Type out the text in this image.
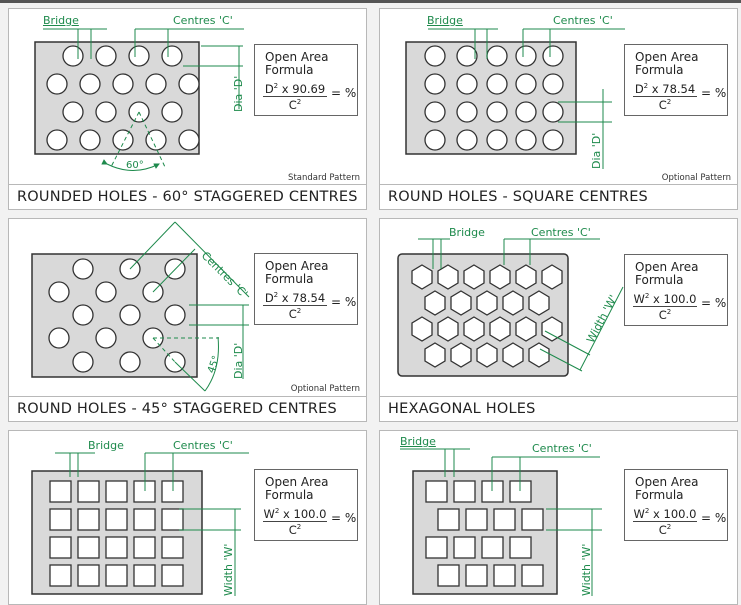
Bridge	Centres 'C'
Dia 'D'
60°
Open Area
Formula
$D^2$ x 90.69
$C^2$
= %
Standard Pattern
ROUNDED HOLES - 60° STAGGERED CENTRES
Bridge	Centres 'C'
Dia 'D'
Open Area
Formula
$D^2$ x 78.54
$C^2$
= %
Optional Pattern
ROUND HOLES - SQUARE CENTRES
Centres 'C'
Dia 'D'
45°
Open Area
Formula
$D^2$ x 78.54
$C^2$
= %
Optional Pattern
ROUND HOLES - 45° STAGGERED CENTRES
Bridge	Centres 'C'
Width 'W'
Open Area
Formula
$W^2$ x 100.0
$C^2$
= %
HEXAGONAL HOLES
Bridge	Centres 'C'
Width 'W'
Open Area
Formula
$W^2$ x 100.0
$C^2$
= %
Bridge
Centres 'C'
Width 'W'
Open Area
Formula
$W^2$ x 100.0
$C^2$
= %
